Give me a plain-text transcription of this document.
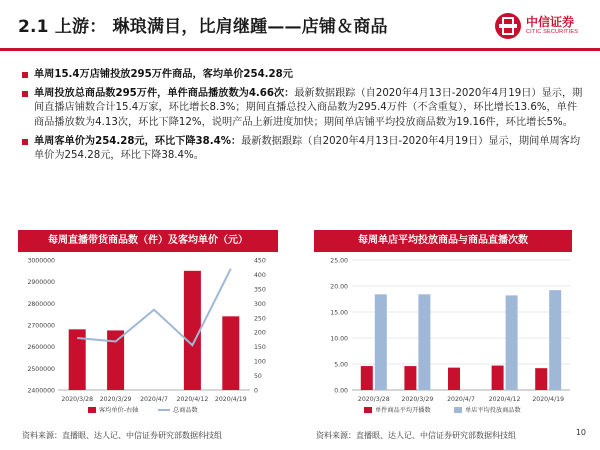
2.1 上游： 琳琅满目，比肩继踵——店铺＆商品	中信证券
CITIC SECURITIES
单周15.4万店铺投放295万件商品，客均单价254.28元
单周投放总商品数295万件，单件商品播放数为4.66次：最新数据跟踪（自2020年4月13日-2020年4月19日）显示，期间直播店铺数合计15.4万家，环比增长8.3%；期间直播总投入商品数为295.4万件（不含重复），环比增长13.6%，单件商品播放数为4.13次，环比下降12%，说明产品上新进度加快；期间单店铺平均投放商品数为19.16件，环比增长5%。
单周客单价为254.28元，环比下降38.4%：最新数据跟踪（自2020年4月13日-2020年4月19日）显示，期间单周客均单价为254.28元，环比下降38.4%。
每周直播带货商品数（件）及客均单价（元）
2400000
2500000
2600000
2700000
2800000
2900000
3000000
0
50
100
150
200
250
300
350
400
450
2020/3/28 2020/3/29 2020/4/7 2020/4/12 2020/4/19
客均单价-右轴	总商品数
资料来源：直播眼、达人记、中信证券研究部数据科技组
每周单店平均投放商品与商品直播次数
0.00
5.00
10.00
15.00
20.00
25.00
2020/3/28 2020/3/29 2020/4/7 2020/4/12 2020/4/19
单件商品平均开播数	单店平均投放商品数
资料来源：直播眼、达人记、中信证券研究部数据科技组	10
